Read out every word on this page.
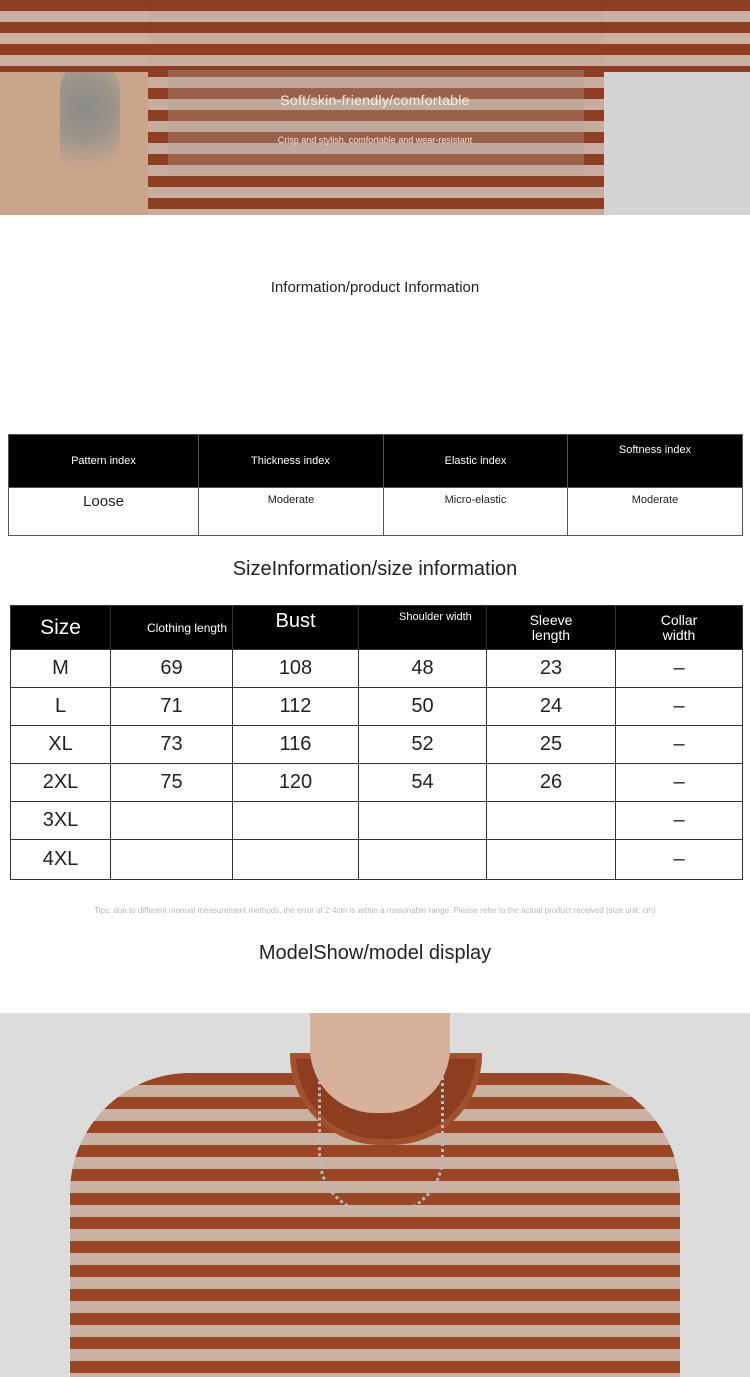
Soft/skin-friendly/comfortable
Crisp and stylish, comfortable and wear-resistant
Information/product Information
Pattern index	Thickness index	Elastic index	Softness index
Loose	Moderate	Micro-elastic	Moderate
SizeInformation/size information
Size	Clothing length	Bust	Shoulder width	Sleeve length	Collar width
M	69	108	48	23	–
L	71	112	50	24	–
XL	73	116	52	25	–
2XL	75	120	54	26	–
3XL					–
4XL					–
Tips: due to different manual measurement methods, the error of 2-4cm is within a reasonable range. Please refer to the actual product received (size unit: cm)
ModelShow/model display
